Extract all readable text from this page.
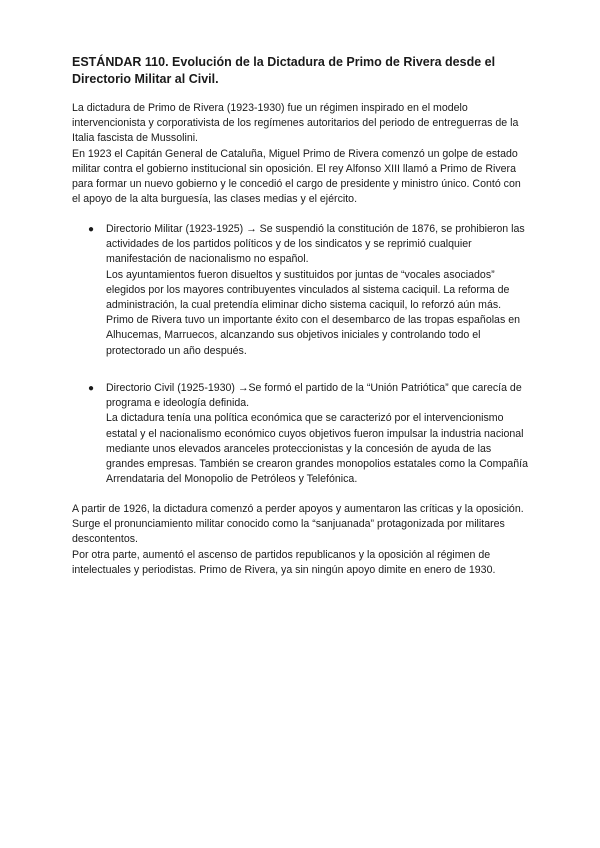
ESTÁNDAR 110. Evolución de la Dictadura de Primo de Rivera desde el Directorio Militar al Civil.

La dictadura de Primo de Rivera (1923-1930) fue un régimen inspirado en el modelo intervencionista y corporativista de los regímenes autoritarios del periodo de entreguerras de la Italia fascista de Mussolini.

En 1923 el Capitán General de Cataluña, Miguel Primo de Rivera comenzó un golpe de estado militar contra el gobierno institucional sin oposición. El rey Alfonso XIII llamó a Primo de Rivera para formar un nuevo gobierno y le concedió el cargo de presidente y ministro único. Contó con el apoyo de la alta burguesía, las clases medias y el ejército.

● Directorio Militar (1923-1925) → Se suspendió la constitución de 1876, se prohibieron las actividades de los partidos políticos y de los sindicatos y se reprimió cualquier manifestación de nacionalismo no español.

Los ayuntamientos fueron disueltos y sustituidos por juntas de “vocales asociados” elegidos por los mayores contribuyentes vinculados al sistema caciquil. La reforma de administración, la cual pretendía eliminar dicho sistema caciquil, lo reforzó aún más.

Primo de Rivera tuvo un importante éxito con el desembarco de las tropas españolas en Alhucemas, Marruecos, alcanzando sus objetivos iniciales y controlando todo el protectorado un año después.

● Directorio Civil (1925-1930) →Se formó el partido de la “Unión Patriótica” que carecía de programa e ideología definida.

La dictadura tenía una política económica que se caracterizó por el intervencionismo estatal y el nacionalismo económico cuyos objetivos fueron impulsar la industria nacional mediante unos elevados aranceles proteccionistas y la concesión de ayuda de las grandes empresas. También se crearon grandes monopolios estatales como la Compañía Arrendataria del Monopolio de Petróleos y Telefónica.

A partir de 1926, la dictadura comenzó a perder apoyos y aumentaron las críticas y la oposición. Surge el pronunciamiento militar conocido como la “sanjuanada” protagonizada por militares descontentos.

Por otra parte, aumentó el ascenso de partidos republicanos y la oposición al régimen de intelectuales y periodistas. Primo de Rivera, ya sin ningún apoyo dimite en enero de 1930.
